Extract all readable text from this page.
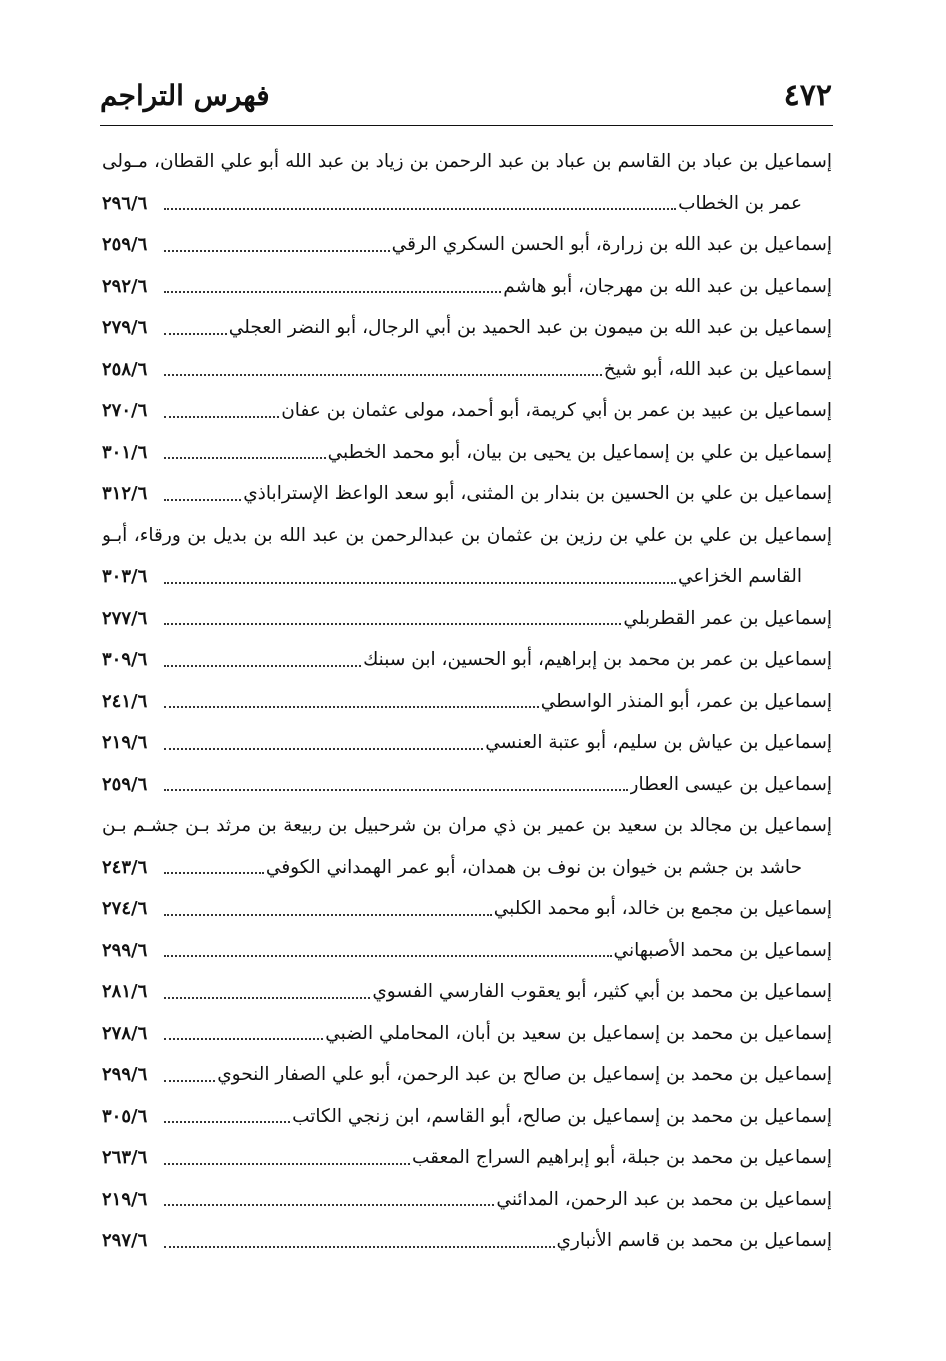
٤٧٢
فهرس التراجم
إسماعيل بن عباد بن القاسم بن عباد بن عبد الرحمن بن زياد بن عبد الله أبو علي القطان، مـولى
عمر بن الخطاب
٢٩٦/٦
إسماعيل بن عبد الله بن زرارة، أبو الحسن السكري الرقي
٢٥٩/٦
إسماعيل بن عبد الله بن مهرجان، أبو هاشم
٢٩٢/٦
إسماعيل بن عبد الله بن ميمون بن عبد الحميد بن أبي الرجال، أبو النضر العجلي
٢٧٩/٦
إسماعيل بن عبد الله، أبو شيخ
٢٥٨/٦
إسماعيل بن عبيد بن عمر بن أبي كريمة، أبو أحمد، مولى عثمان بن عفان
٢٧٠/٦
إسماعيل بن علي بن إسماعيل بن يحيى بن بيان، أبو محمد الخطبي
٣٠١/٦
إسماعيل بن علي بن الحسين بن بندار بن المثنى، أبو سعد الواعظ الإستراباذي
٣١٢/٦
إسماعيل بن علي بن علي بن رزين بن عثمان بن عبدالرحمن بن عبد الله بن بديل بن ورقاء، أبـو
القاسم الخزاعي
٣٠٣/٦
إسماعيل بن عمر القطربلي
٢٧٧/٦
إسماعيل بن عمر بن محمد بن إبراهيم، أبو الحسين، ابن سبنك
٣٠٩/٦
إسماعيل بن عمر، أبو المنذر الواسطي
٢٤١/٦
إسماعيل بن عياش بن سليم، أبو عتبة العنسي
٢١٩/٦
إسماعيل بن عيسى العطار
٢٥٩/٦
إسماعيل بن مجالد بن سعيد بن عمير بن ذي مران بن شرحبيل بن ربيعة بن مرثد بـن جشـم بـن
حاشد بن جشم بن خيوان بن نوف بن همدان، أبو عمر الهمداني الكوفي
٢٤٣/٦
إسماعيل بن مجمع بن خالد، أبو محمد الكلبي
٢٧٤/٦
إسماعيل بن محمد الأصبهاني
٢٩٩/٦
إسماعيل بن محمد بن أبي كثير، أبو يعقوب الفارسي الفسوي
٢٨١/٦
إسماعيل بن محمد بن إسماعيل بن سعيد بن أبان، المحاملي الضبي
٢٧٨/٦
إسماعيل بن محمد بن إسماعيل بن صالح بن عبد الرحمن، أبو علي الصفار النحوي
٢٩٩/٦
إسماعيل بن محمد بن إسماعيل بن صالح، أبو القاسم، ابن زنجي الكاتب
٣٠٥/٦
إسماعيل بن محمد بن جبلة، أبو إبراهيم السراج المعقب
٢٦٣/٦
إسماعيل بن محمد بن عبد الرحمن، المدائني
٢١٩/٦
إسماعيل بن محمد بن قاسم الأنباري
٢٩٧/٦
